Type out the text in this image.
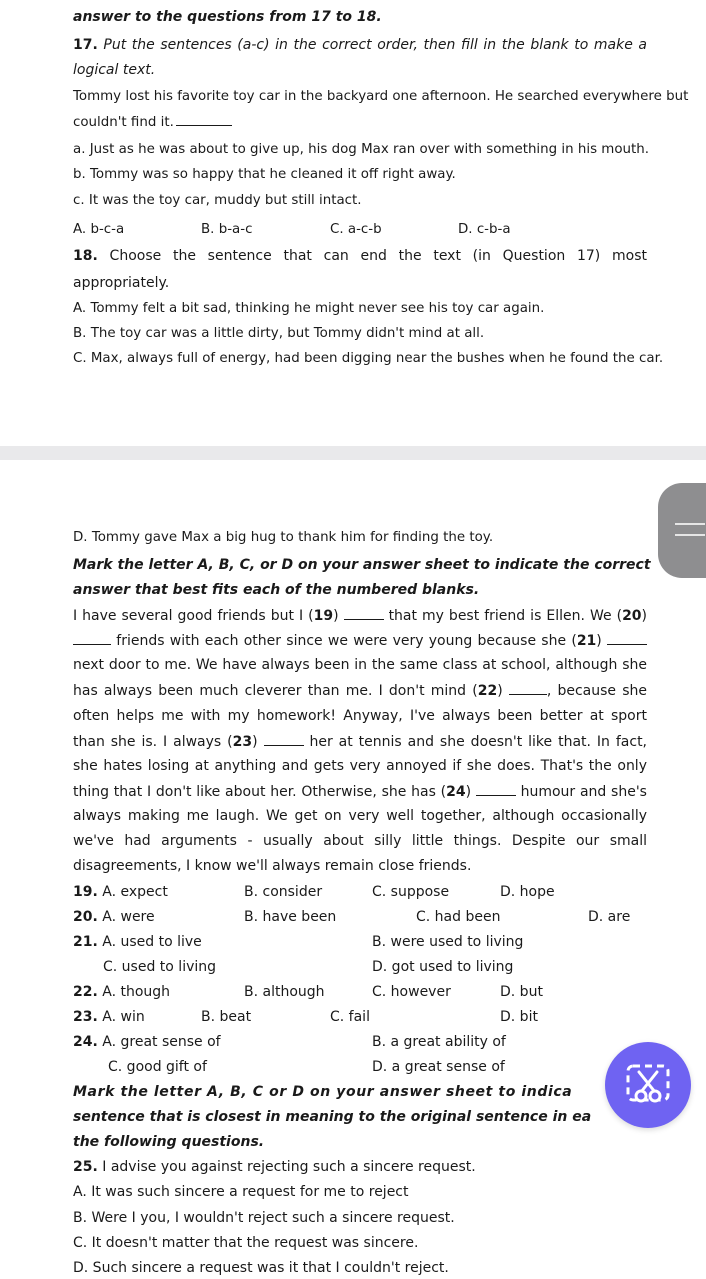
answer to the questions from 17 to 18.
17. Put the sentences (a-c) in the correct order, then fill in the blank to make a
logical text.
Tommy lost his favorite toy car in the backyard one afternoon. He searched everywhere but
couldn't find it.
a. Just as he was about to give up, his dog Max ran over with something in his mouth.
b. Tommy was so happy that he cleaned it off right away.
c. It was the toy car, muddy but still intact.
A. b-c-a	B. b-a-c	C. a-c-b	D. c-b-a
18. Choose the sentence that can end the text (in Question 17) most
appropriately.
A. Tommy felt a bit sad, thinking he might never see his toy car again.
B. The toy car was a little dirty, but Tommy didn't mind at all.
C. Max, always full of energy, had been digging near the bushes when he found the car.
D. Tommy gave Max a big hug to thank him for finding the toy.
Mark the letter A, B, C, or D on your answer sheet to indicate the correct
answer that best fits each of the numbered blanks.
I have several good friends but I (19)	that my best friend is Ellen. We (20)
friends with each other since we were very young because she (21)
next door to me. We have always been in the same class at school, although she
has always been much cleverer than me. I don't mind (22)	, because she
often helps me with my homework! Anyway, I've always been better at sport
than she is. I always (23)	her at tennis and she doesn't like that. In fact,
she hates losing at anything and gets very annoyed if she does. That's the only
thing that I don't like about her. Otherwise, she has (24)	humour and she's
always making me laugh. We get on very well together, although occasionally
we've had arguments - usually about silly little things. Despite our small
disagreements, I know we'll always remain close friends.
19. A. expect	B. consider	C. suppose	D. hope
20. A. were	B. have been	C. had been	D. are
21. A. used to live	B. were used to living
C. used to living	D. got used to living
22. A. though	B. although	C. however	D. but
23. A. win	B. beat	C. fail	D. bit
24. A. great sense of	B. a great ability of
C. good gift of	D. a great sense of
Mark the letter A, B, C or D on your answer sheet to indica
sentence that is closest in meaning to the original sentence in ea
the following questions.
25. I advise you against rejecting such a sincere request.
A. It was such sincere a request for me to reject
B. Were I you, I wouldn't reject such a sincere request.
C. It doesn't matter that the request was sincere.
D. Such sincere a request was it that I couldn't reject.
